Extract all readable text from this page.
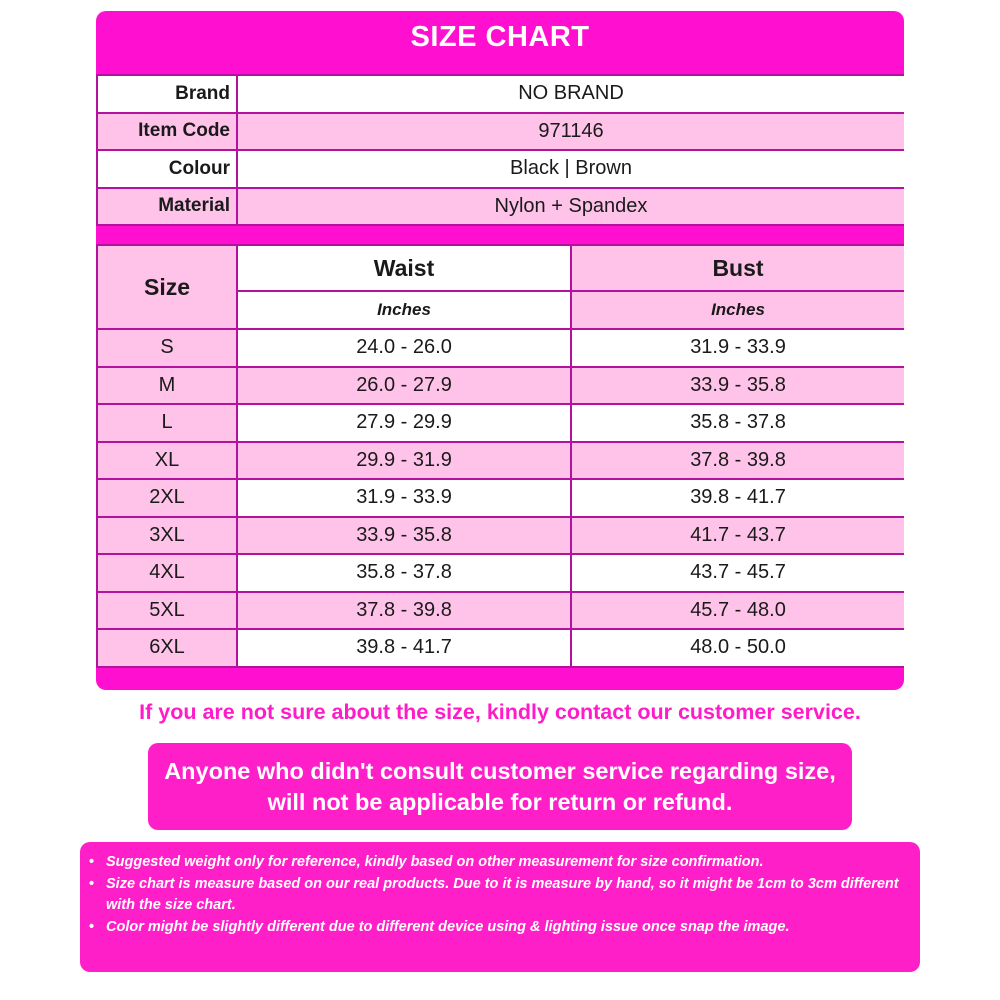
SIZE CHART
Brand	NO BRAND
Item Code	971146
Colour	Black | Brown
Material	Nylon + Spandex
Size	Waist	Bust
	Inches	Inches
S	24.0 - 26.0	31.9 - 33.9
M	26.0 - 27.9	33.9 - 35.8
L	27.9 - 29.9	35.8 - 37.8
XL	29.9 - 31.9	37.8 - 39.8
2XL	31.9 - 33.9	39.8 - 41.7
3XL	33.9 - 35.8	41.7 - 43.7
4XL	35.8 - 37.8	43.7 - 45.7
5XL	37.8 - 39.8	45.7 - 48.0
6XL	39.8 - 41.7	48.0 - 50.0
If you are not sure about the size, kindly contact our customer service.
Anyone who didn't consult customer service regarding size, will not be applicable for return or refund.
• Suggested weight only for reference, kindly based on other measurement for size confirmation.
• Size chart is measure based on our real products. Due to it is measure by hand, so it might be 1cm to 3cm different with the size chart.
• Color might be slightly different due to different device using & lighting issue once snap the image.
